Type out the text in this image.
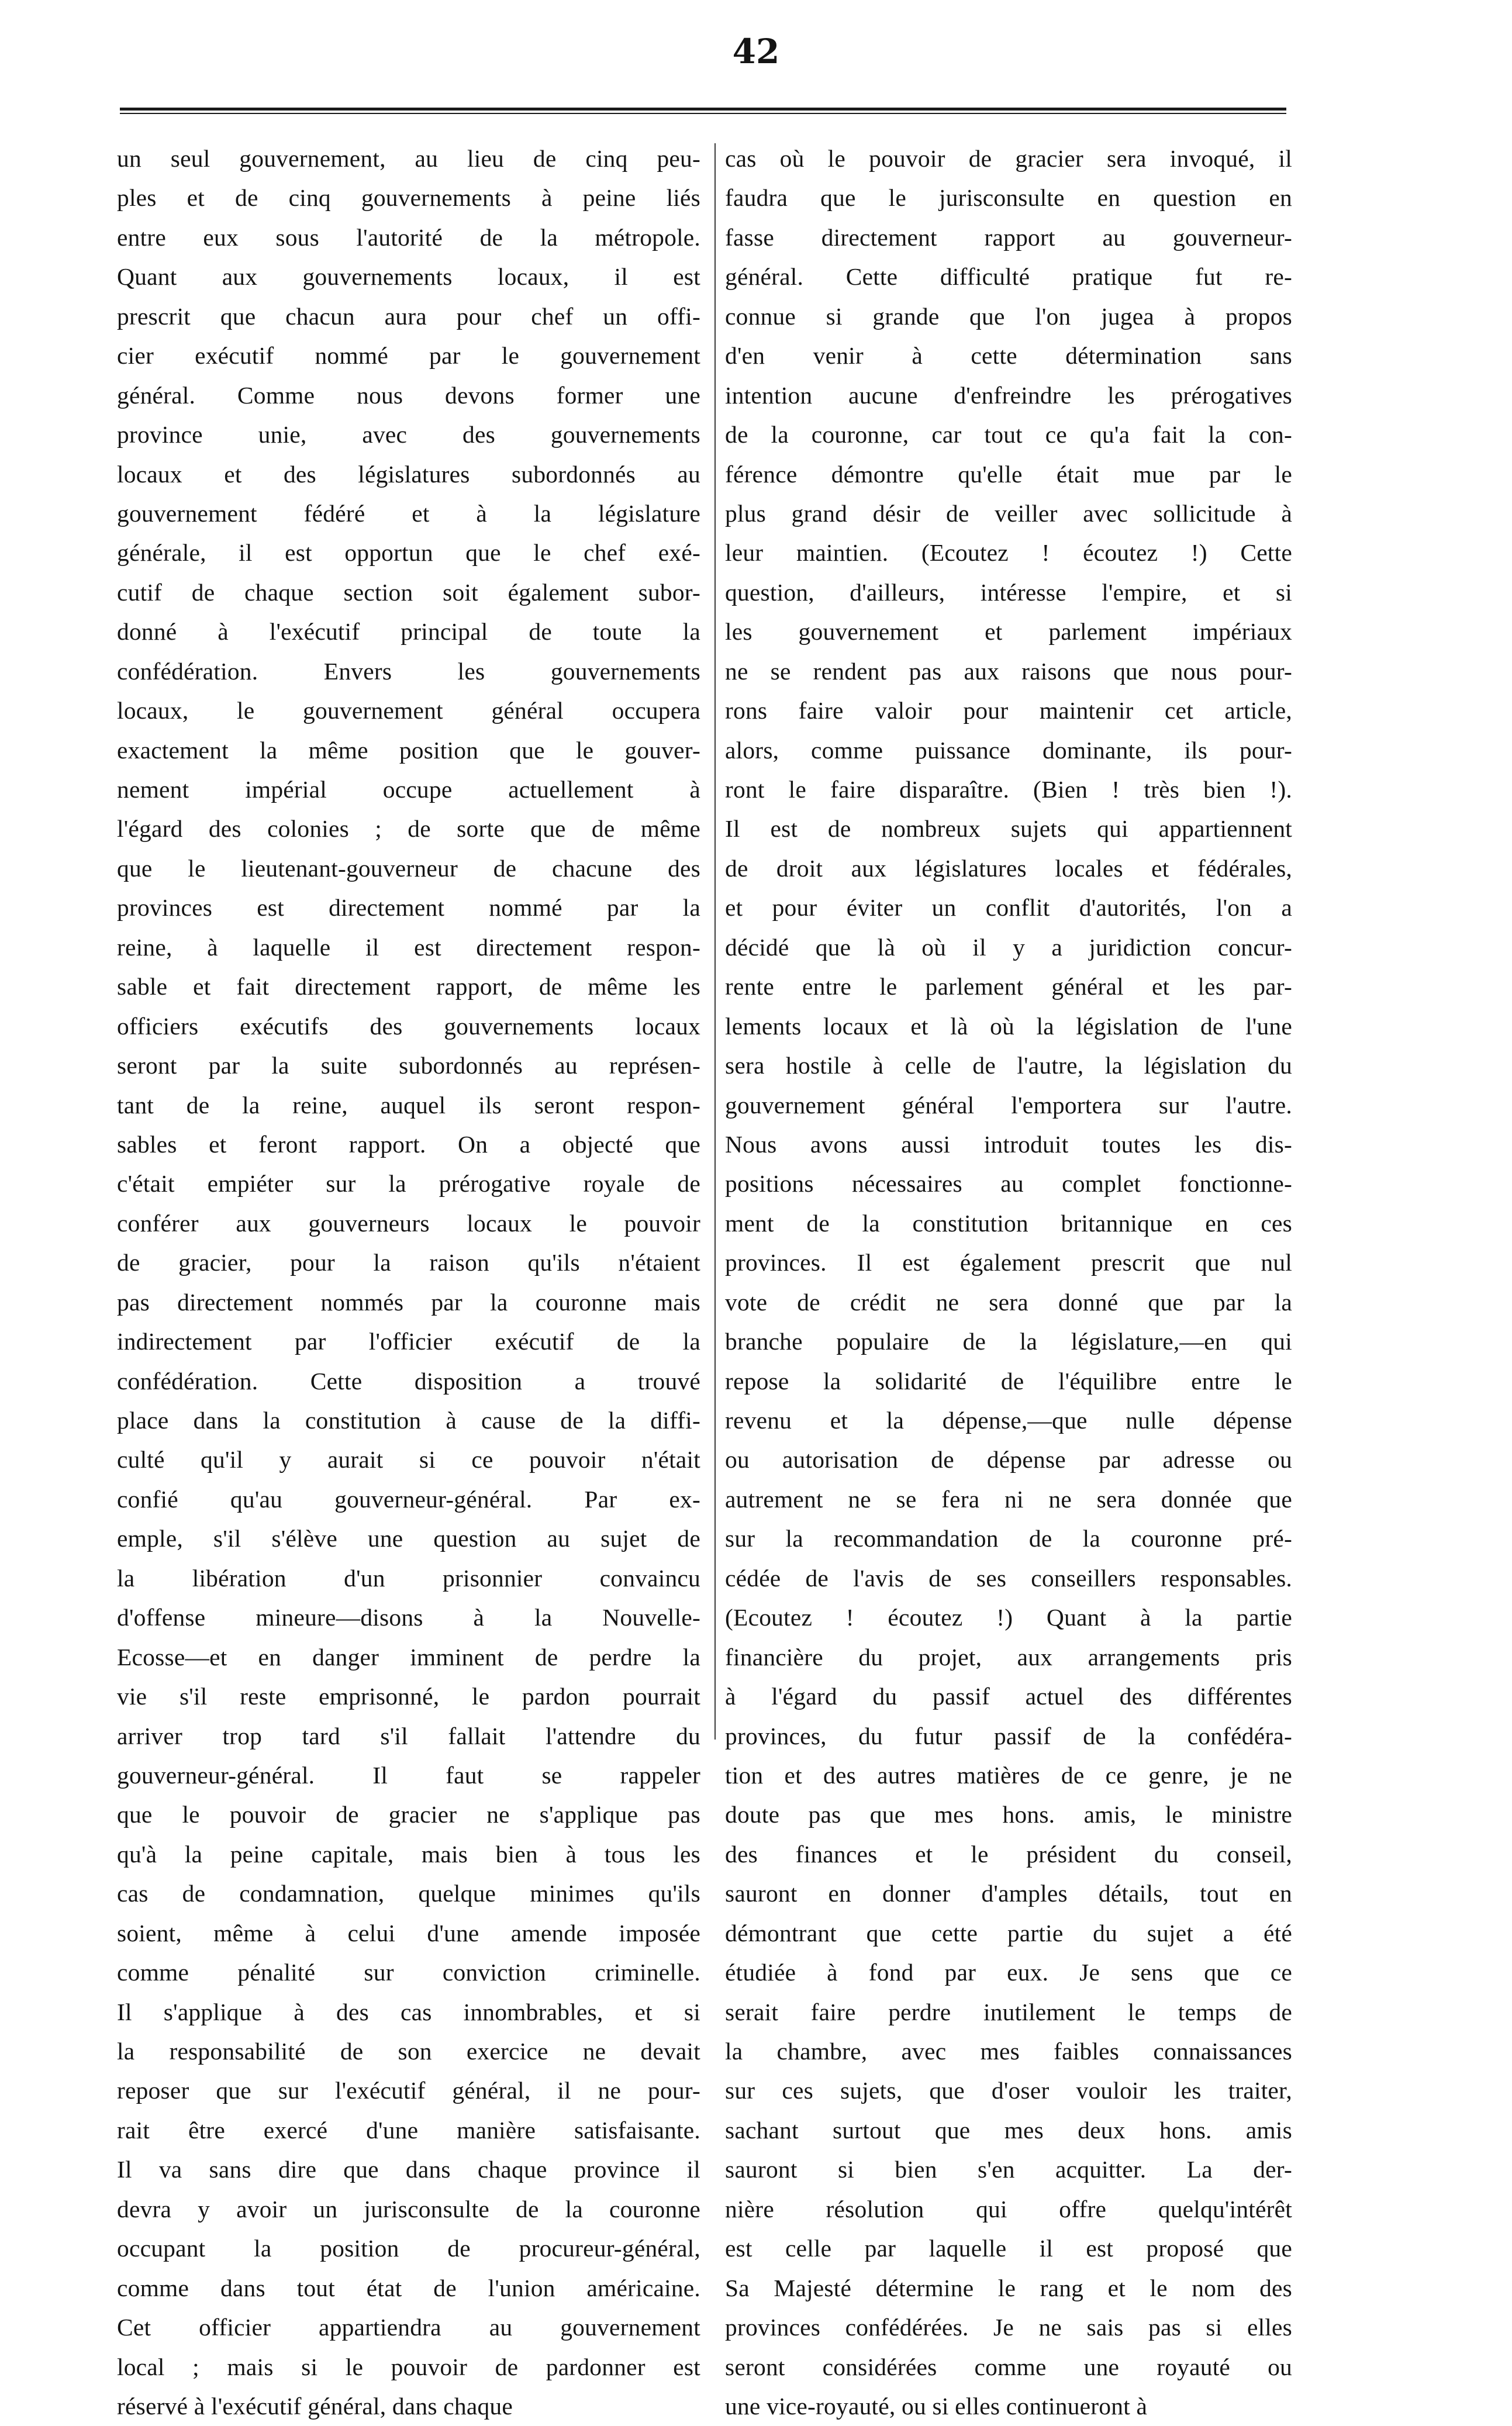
42
un seul gouvernement, au lieu de cinq peu-
ples et de cinq gouvernements à peine liés
entre eux sous l'autorité de la métropole.
Quant aux gouvernements locaux, il est
prescrit que chacun aura pour chef un offi-
cier exécutif nommé par le gouvernement
général. Comme nous devons former une
province unie, avec des gouvernements
locaux et des législatures subordonnés au
gouvernement fédéré et à la législature
générale, il est opportun que le chef exé-
cutif de chaque section soit également subor-
donné à l'exécutif principal de toute la
confédération. Envers les gouvernements
locaux, le gouvernement général occupera
exactement la même position que le gouver-
nement impérial occupe actuellement à
l'égard des colonies ; de sorte que de même
que le lieutenant-gouverneur de chacune des
provinces est directement nommé par la
reine, à laquelle il est directement respon-
sable et fait directement rapport, de même les
officiers exécutifs des gouvernements locaux
seront par la suite subordonnés au représen-
tant de la reine, auquel ils seront respon-
sables et feront rapport. On a objecté que
c'était empiéter sur la prérogative royale de
conférer aux gouverneurs locaux le pouvoir
de gracier, pour la raison qu'ils n'étaient
pas directement nommés par la couronne mais
indirectement par l'officier exécutif de la
confédération. Cette disposition a trouvé
place dans la constitution à cause de la diffi-
culté qu'il y aurait si ce pouvoir n'était
confié qu'au gouverneur-général. Par ex-
emple, s'il s'élève une question au sujet de
la libération d'un prisonnier convaincu
d'offense mineure—disons à la Nouvelle-
Ecosse—et en danger imminent de perdre la
vie s'il reste emprisonné, le pardon pourrait
arriver trop tard s'il fallait l'attendre du
gouverneur-général. Il faut se rappeler
que le pouvoir de gracier ne s'applique pas
qu'à la peine capitale, mais bien à tous les
cas de condamnation, quelque minimes qu'ils
soient, même à celui d'une amende imposée
comme pénalité sur conviction criminelle.
Il s'applique à des cas innombrables, et si
la responsabilité de son exercice ne devait
reposer que sur l'exécutif général, il ne pour-
rait être exercé d'une manière satisfaisante.
Il va sans dire que dans chaque province il
devra y avoir un jurisconsulte de la couronne
occupant la position de procureur-général,
comme dans tout état de l'union américaine.
Cet officier appartiendra au gouvernement
local ; mais si le pouvoir de pardonner est
réservé à l'exécutif général, dans chaque
cas où le pouvoir de gracier sera invoqué, il
faudra que le jurisconsulte en question en
fasse directement rapport au gouverneur-
général. Cette difficulté pratique fut re-
connue si grande que l'on jugea à propos
d'en venir à cette détermination sans
intention aucune d'enfreindre les prérogatives
de la couronne, car tout ce qu'a fait la con-
férence démontre qu'elle était mue par le
plus grand désir de veiller avec sollicitude à
leur maintien. (Ecoutez ! écoutez !) Cette
question, d'ailleurs, intéresse l'empire, et si
les gouvernement et parlement impériaux
ne se rendent pas aux raisons que nous pour-
rons faire valoir pour maintenir cet article,
alors, comme puissance dominante, ils pour-
ront le faire disparaître. (Bien ! très bien !).
Il est de nombreux sujets qui appartiennent
de droit aux législatures locales et fédérales,
et pour éviter un conflit d'autorités, l'on a
décidé que là où il y a juridiction concur-
rente entre le parlement général et les par-
lements locaux et là où la législation de l'une
sera hostile à celle de l'autre, la législation du
gouvernement général l'emportera sur l'autre.
Nous avons aussi introduit toutes les dis-
positions nécessaires au complet fonctionne-
ment de la constitution britannique en ces
provinces. Il est également prescrit que nul
vote de crédit ne sera donné que par la
branche populaire de la législature,—en qui
repose la solidarité de l'équilibre entre le
revenu et la dépense,—que nulle dépense
ou autorisation de dépense par adresse ou
autrement ne se fera ni ne sera donnée que
sur la recommandation de la couronne pré-
cédée de l'avis de ses conseillers responsables.
(Ecoutez ! écoutez !) Quant à la partie
financière du projet, aux arrangements pris
à l'égard du passif actuel des différentes
provinces, du futur passif de la confédéra-
tion et des autres matières de ce genre, je ne
doute pas que mes hons. amis, le ministre
des finances et le président du conseil,
sauront en donner d'amples détails, tout en
démontrant que cette partie du sujet a été
étudiée à fond par eux. Je sens que ce
serait faire perdre inutilement le temps de
la chambre, avec mes faibles connaissances
sur ces sujets, que d'oser vouloir les traiter,
sachant surtout que mes deux hons. amis
sauront si bien s'en acquitter. La der-
nière résolution qui offre quelqu'intérêt
est celle par laquelle il est proposé que
Sa Majesté détermine le rang et le nom des
provinces confédérées. Je ne sais pas si elles
seront considérées comme une royauté ou
une vice-royauté, ou si elles continueront à
